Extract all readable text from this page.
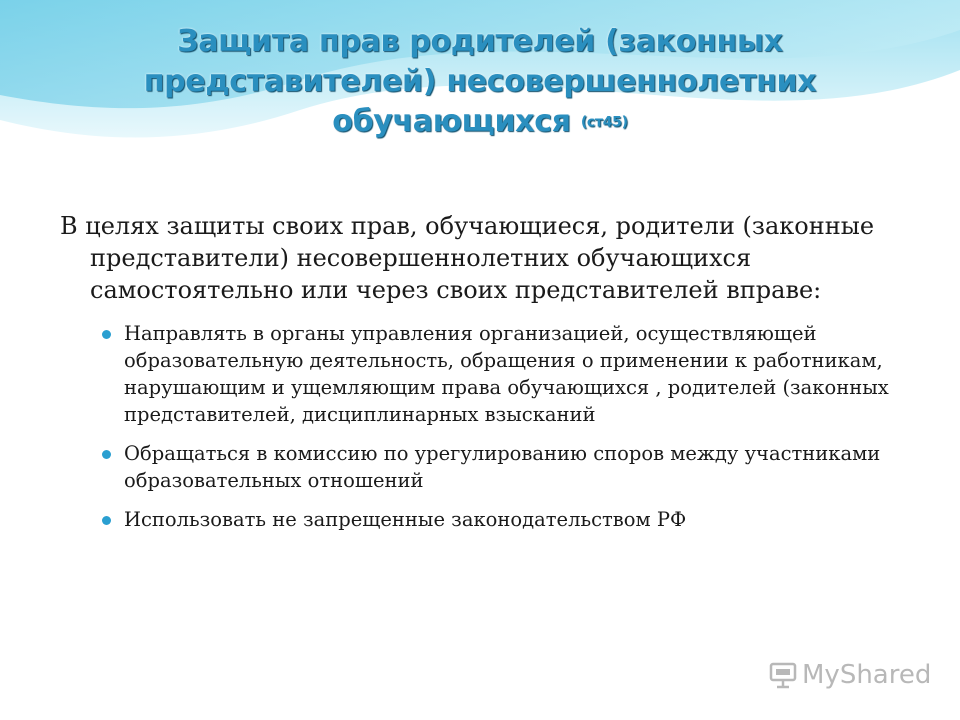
Защита прав родителей (законных
представителей) несовершеннолетних
обучающихся (ст45)

В целях защиты своих прав, обучающиеся, родители (законные представители) несовершеннолетних обучающихся самостоятельно или через своих представителей вправе:

Направлять в органы управления организацией, осуществляющей образовательную деятельность, обращения о применении к работникам, нарушающим и ущемляющим права обучающихся , родителей (законных представителей, дисциплинарных взысканий
Обращаться в комиссию по урегулированию споров между участниками образовательных отношений
Использовать не запрещенные законодательством РФ
MyShared
